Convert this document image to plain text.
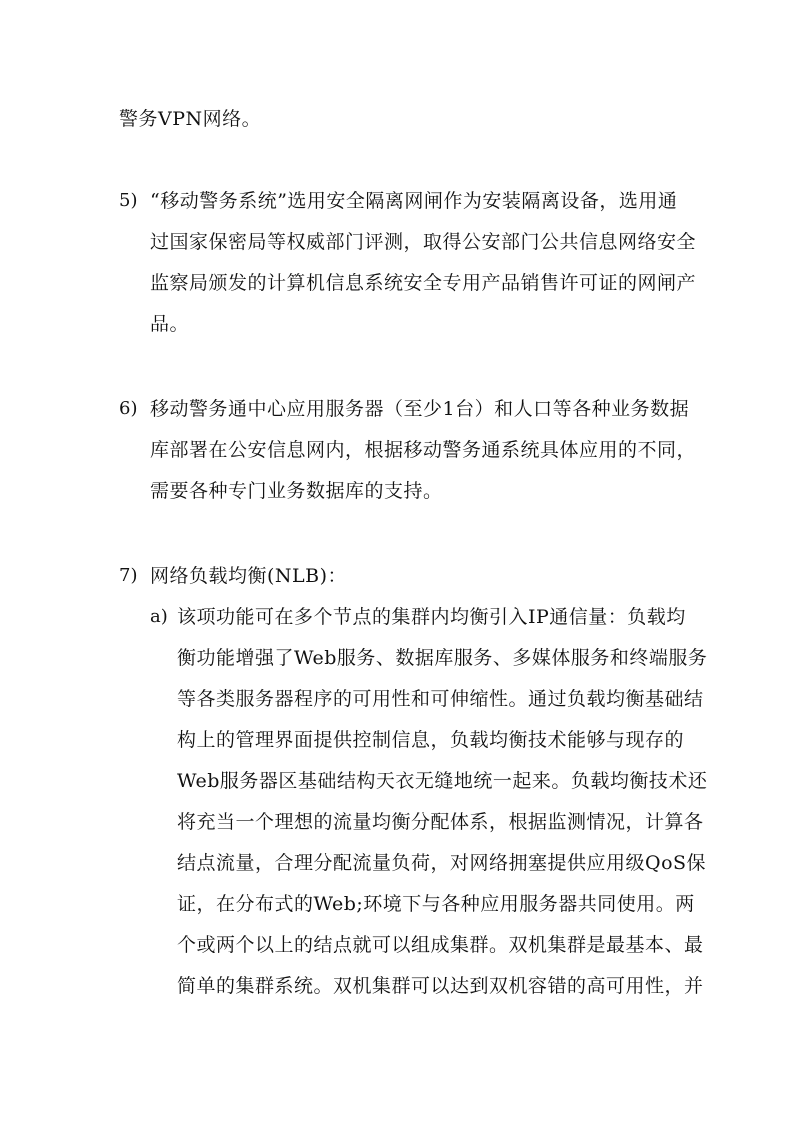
警务VPN网络。
5) “移动警务系统”选用安全隔离网闸作为安装隔离设备，选用通
过国家保密局等权威部门评测，取得公安部门公共信息网络安全
监察局颁发的计算机信息系统安全专用产品销售许可证的网闸产
品。
6) 移动警务通中心应用服务器（至少1台）和人口等各种业务数据
库部署在公安信息网内，根据移动警务通系统具体应用的不同，
需要各种专门业务数据库的支持。
7) 网络负载均衡(NLB)：
a) 该项功能可在多个节点的集群内均衡引入IP通信量：负载均
衡功能增强了Web服务、数据库服务、多媒体服务和终端服务
等各类服务器程序的可用性和可伸缩性。通过负载均衡基础结
构上的管理界面提供控制信息，负载均衡技术能够与现存的
Web服务器区基础结构天衣无缝地统一起来。负载均衡技术还
将充当一个理想的流量均衡分配体系，根据监测情况，计算各
结点流量，合理分配流量负荷，对网络拥塞提供应用级QoS保
证，在分布式的Web;环境下与各种应用服务器共同使用。两
个或两个以上的结点就可以组成集群。双机集群是最基本、最
简单的集群系统。双机集群可以达到双机容错的高可用性，并
